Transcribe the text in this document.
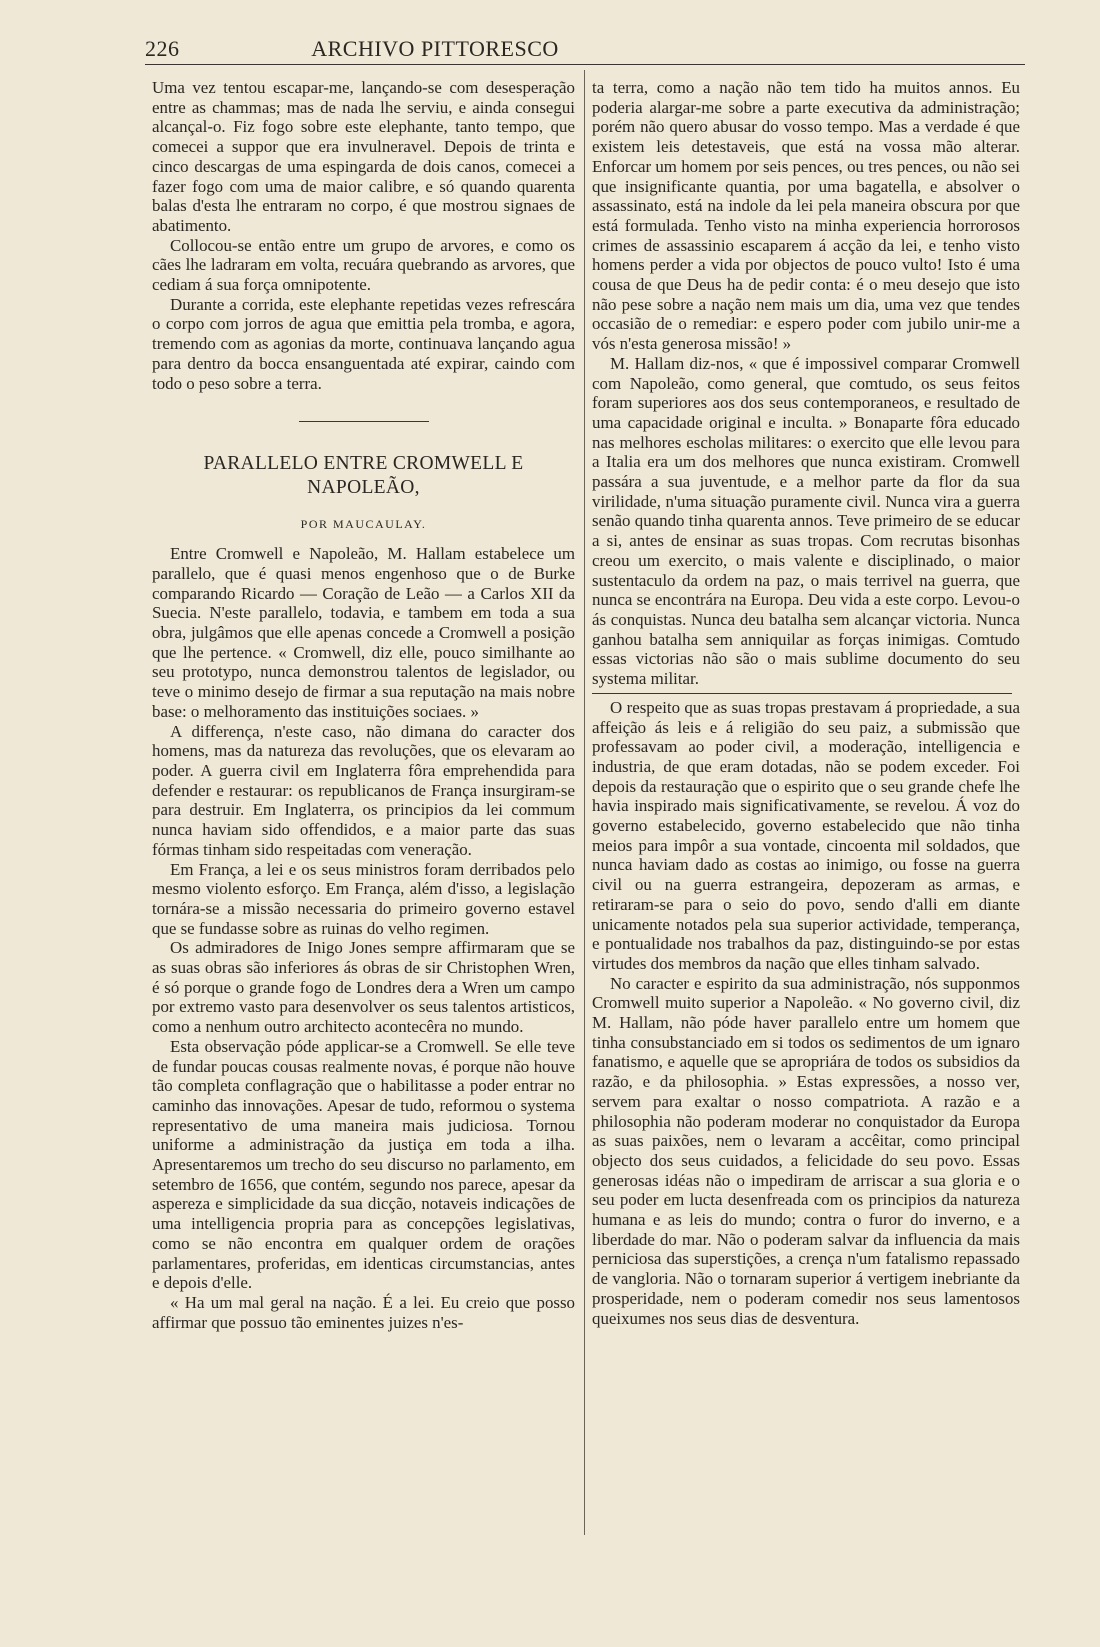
226	ARCHIVO PITTORESCO

Uma vez tentou escapar-me, lançando-se com desesperação entre as chammas; mas de nada lhe serviu, e ainda consegui alcançal-o. Fiz fogo sobre este elephante, tanto tempo, que comecei a suppor que era invulneravel. Depois de trinta e cinco descargas de uma espingarda de dois canos, comecei a fazer fogo com uma de maior calibre, e só quando quarenta balas d'esta lhe entraram no corpo, é que mostrou signaes de abatimento.

Collocou-se então entre um grupo de arvores, e como os cães lhe ladraram em volta, recuára quebrando as arvores, que cediam á sua força omnipotente.

Durante a corrida, este elephante repetidas vezes refrescára o corpo com jorros de agua que emittia pela tromba, e agora, tremendo com as agonias da morte, continuava lançando agua para dentro da bocca ensanguentada até expirar, caindo com todo o peso sobre a terra.

PARALLELO ENTRE CROMWELL E NAPOLEÃO,
POR MAUCAULAY.

Entre Cromwell e Napoleão, M. Hallam estabelece um parallelo, que é quasi menos engenhoso que o de Burke comparando Ricardo — Coração de Leão — a Carlos XII da Suecia. N'este parallelo, todavia, e tambem em toda a sua obra, julgâmos que elle apenas concede a Cromwell a posição que lhe pertence. « Cromwell, diz elle, pouco similhante ao seu prototypo, nunca demonstrou talentos de legislador, ou teve o minimo desejo de firmar a sua reputação na mais nobre base: o melhoramento das instituições sociaes. »

A differença, n'este caso, não dimana do caracter dos homens, mas da natureza das revoluções, que os elevaram ao poder. A guerra civil em Inglaterra fôra emprehendida para defender e restaurar: os republicanos de França insurgiram-se para destruir. Em Inglaterra, os principios da lei commum nunca haviam sido offendidos, e a maior parte das suas fórmas tinham sido respeitadas com veneração.

Em França, a lei e os seus ministros foram derribados pelo mesmo violento esforço. Em França, além d'isso, a legislação tornára-se a missão necessaria do primeiro governo estavel que se fundasse sobre as ruinas do velho regimen.

Os admiradores de Inigo Jones sempre affirmaram que se as suas obras são inferiores ás obras de sir Christophen Wren, é só porque o grande fogo de Londres dera a Wren um campo por extremo vasto para desenvolver os seus talentos artisticos, como a nenhum outro architecto acontecêra no mundo.

Esta observação póde applicar-se a Cromwell. Se elle teve de fundar poucas cousas realmente novas, é porque não houve tão completa conflagração que o habilitasse a poder entrar no caminho das innovações. Apesar de tudo, reformou o systema representativo de uma maneira mais judiciosa. Tornou uniforme a administração da justiça em toda a ilha. Apresentaremos um trecho do seu discurso no parlamento, em setembro de 1656, que contém, segundo nos parece, apesar da aspereza e simplicidade da sua dicção, notaveis indicações de uma intelligencia propria para as concepções legislativas, como se não encontra em qualquer ordem de orações parlamentares, proferidas, em identicas circumstancias, antes e depois d'elle.

« Ha um mal geral na nação. É a lei. Eu creio que posso affirmar que possuo tão eminentes juizes n'es-

ta terra, como a nação não tem tido ha muitos annos. Eu poderia alargar-me sobre a parte executiva da administração; porém não quero abusar do vosso tempo. Mas a verdade é que existem leis detestaveis, que está na vossa mão alterar. Enforcar um homem por seis pences, ou tres pences, ou não sei que insignificante quantia, por uma bagatella, e absolver o assassinato, está na indole da lei pela maneira obscura por que está formulada. Tenho visto na minha experiencia horrorosos crimes de assassinio escaparem á acção da lei, e tenho visto homens perder a vida por objectos de pouco vulto! Isto é uma cousa de que Deus ha de pedir conta: é o meu desejo que isto não pese sobre a nação nem mais um dia, uma vez que tendes occasião de o remediar: e espero poder com jubilo unir-me a vós n'esta generosa missão! »

M. Hallam diz-nos, « que é impossivel comparar Cromwell com Napoleão, como general, que comtudo, os seus feitos foram superiores aos dos seus contemporaneos, e resultado de uma capacidade original e inculta. » Bonaparte fôra educado nas melhores escholas militares: o exercito que elle levou para a Italia era um dos melhores que nunca existiram. Cromwell passára a sua juventude, e a melhor parte da flor da sua virilidade, n'uma situação puramente civil. Nunca vira a guerra senão quando tinha quarenta annos. Teve primeiro de se educar a si, antes de ensinar as suas tropas. Com recrutas bisonhas creou um exercito, o mais valente e disciplinado, o maior sustentaculo da ordem na paz, o mais terrivel na guerra, que nunca se encontrára na Europa. Deu vida a este corpo. Levou-o ás conquistas. Nunca deu batalha sem alcançar victoria. Nunca ganhou batalha sem anniquilar as forças inimigas. Comtudo essas victorias não são o mais sublime documento do seu systema militar.

O respeito que as suas tropas prestavam á propriedade, a sua affeição ás leis e á religião do seu paiz, a submissão que professavam ao poder civil, a moderação, intelligencia e industria, de que eram dotadas, não se podem exceder. Foi depois da restauração que o espirito que o seu grande chefe lhe havia inspirado mais significativamente, se revelou. Á voz do governo estabelecido, governo estabelecido que não tinha meios para impôr a sua vontade, cincoenta mil soldados, que nunca haviam dado as costas ao inimigo, ou fosse na guerra civil ou na guerra estrangeira, depozeram as armas, e retiraram-se para o seio do povo, sendo d'alli em diante unicamente notados pela sua superior actividade, temperança, e pontualidade nos trabalhos da paz, distinguindo-se por estas virtudes dos membros da nação que elles tinham salvado.

No caracter e espirito da sua administração, nós supponmos Cromwell muito superior a Napoleão. « No governo civil, diz M. Hallam, não póde haver parallelo entre um homem que tinha consubstanciado em si todos os sedimentos de um ignaro fanatismo, e aquelle que se apropriára de todos os subsidios da razão, e da philosophia. » Estas expressões, a nosso ver, servem para exaltar o nosso compatriota. A razão e a philosophia não poderam moderar no conquistador da Europa as suas paixões, nem o levaram a accêitar, como principal objecto dos seus cuidados, a felicidade do seu povo. Essas generosas idéas não o impediram de arriscar a sua gloria e o seu poder em lucta desenfreada com os principios da natureza humana e as leis do mundo; contra o furor do inverno, e a liberdade do mar. Não o poderam salvar da influencia da mais perniciosa das superstições, a crença n'um fatalismo repassado de vangloria. Não o tornaram superior á vertigem inebriante da prosperidade, nem o poderam comedir nos seus lamentosos queixumes nos seus dias de desventura.
